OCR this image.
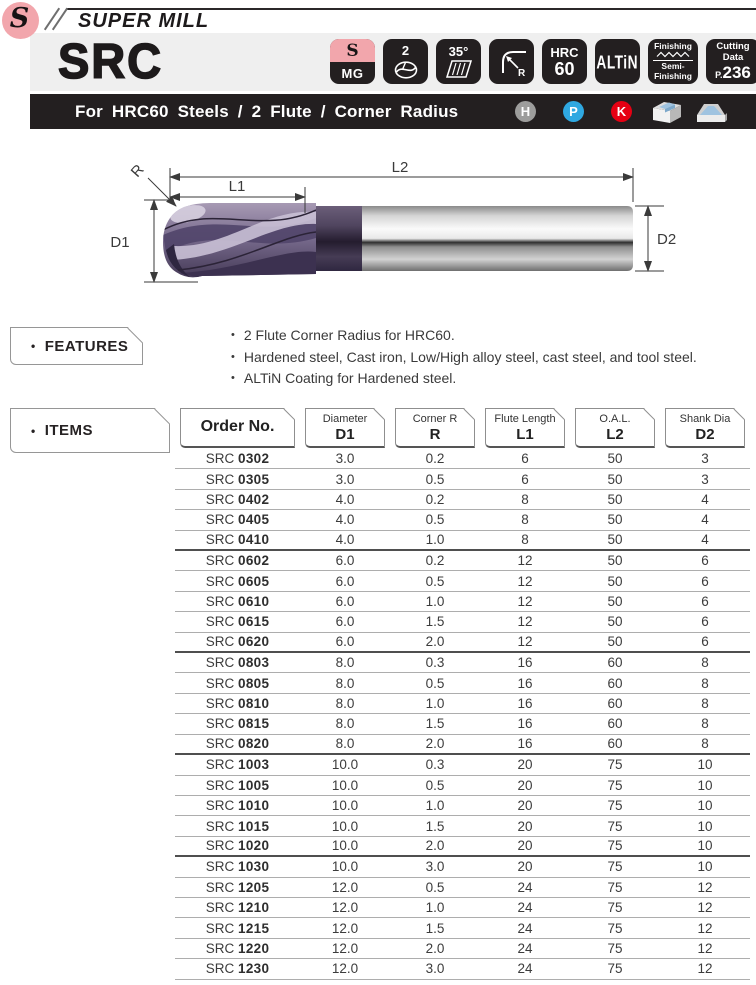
S SUPER MILL
SRC	S
MG
2	35°
R
HRC
60 ALTiN
Finishing
Semi-
Finishing
Cutting
Data
P. 236
For HRC60 Steels / 2 Flute / Corner Radius	H	P	K
L2
L1
R
D1	D2
• FEATURES
• 2 Flute Corner Radius for HRC60.
• Hardened steel, Cast iron, Low/High alloy steel, cast steel, and tool steel.
• ALTiN Coating for Hardened steel.
• ITEMS	Order No.	Diameter
D1
Corner R
R
Flute Length
L1
O.A.L.
L2
Shank Dia
D2
SRC 0302	3.0	0.2	6	50	3
SRC 0305	3.0	0.5	6	50	3
SRC 0402	4.0	0.2	8	50	4
SRC 0405	4.0	0.5	8	50	4
SRC 0410	4.0	1.0	8	50	4
SRC 0602	6.0	0.2	12	50	6
SRC 0605	6.0	0.5	12	50	6
SRC 0610	6.0	1.0	12	50	6
SRC 0615	6.0	1.5	12	50	6
SRC 0620	6.0	2.0	12	50	6
SRC 0803	8.0	0.3	16	60	8
SRC 0805	8.0	0.5	16	60	8
SRC 0810	8.0	1.0	16	60	8
SRC 0815	8.0	1.5	16	60	8
SRC 0820	8.0	2.0	16	60	8
SRC 1003	10.0	0.3	20	75	10
SRC 1005	10.0	0.5	20	75	10
SRC 1010	10.0	1.0	20	75	10
SRC 1015	10.0	1.5	20	75	10
SRC 1020	10.0	2.0	20	75	10
SRC 1030	10.0	3.0	20	75	10
SRC 1205	12.0	0.5	24	75	12
SRC 1210	12.0	1.0	24	75	12
SRC 1215	12.0	1.5	24	75	12
SRC 1220	12.0	2.0	24	75	12
SRC 1230	12.0	3.0	24	75	12
